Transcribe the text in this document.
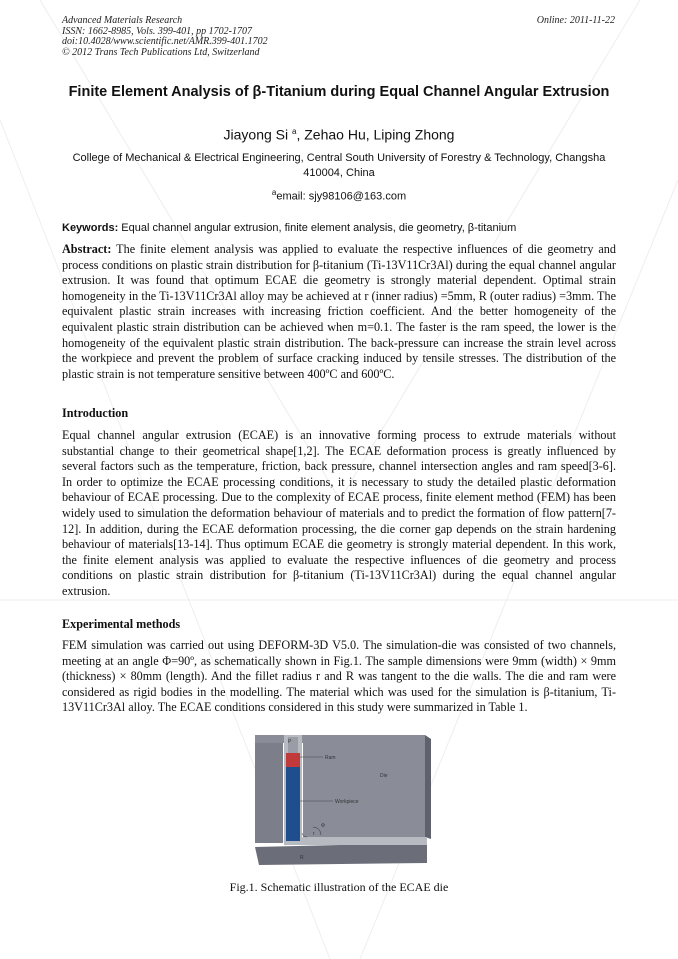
Advanced Materials Research
ISSN: 1662-8985, Vols. 399-401, pp 1702-1707
doi:10.4028/www.scientific.net/AMR.399-401.1702
© 2012 Trans Tech Publications Ltd, Switzerland
Online: 2011-11-22
Finite Element Analysis of β-Titanium during Equal Channel Angular Extrusion
Jiayong Si $^a$, Zehao Hu, Liping Zhong
College of Mechanical & Electrical Engineering, Central South University of Forestry & Technology, Changsha 410004, China
$^a$email: sjy98106@163.com
Keywords: Equal channel angular extrusion, finite element analysis, die geometry, β-titanium
Abstract: The finite element analysis was applied to evaluate the respective influences of die geometry and process conditions on plastic strain distribution for β-titanium (Ti-13V11Cr3Al) during the equal channel angular extrusion. It was found that optimum ECAE die geometry is strongly material dependent. Optimal strain homogeneity in the Ti-13V11Cr3Al alloy may be achieved at r (inner radius) =5mm, R (outer radius) =3mm. The equivalent plastic strain increases with increasing friction coefficient. And the better homogeneity of the equivalent plastic strain distribution can be achieved when m=0.1. The faster is the ram speed, the lower is the homogeneity of the equivalent plastic strain distribution. The back-pressure can increase the strain level across the workpiece and prevent the problem of surface cracking induced by tensile stresses. The distribution of the plastic strain is not temperature sensitive between 400ºC and 600ºC.
Introduction
Equal channel angular extrusion (ECAE) is an innovative forming process to extrude materials without substantial change to their geometrical shape[1,2]. The ECAE deformation process is greatly influenced by several factors such as the temperature, friction, back pressure, channel intersection angles and ram speed[3-6]. In order to optimize the ECAE processing conditions, it is necessary to study the detailed plastic deformation behaviour of ECAE processing. Due to the complexity of ECAE process, finite element method (FEM) has been widely used to simulation the deformation behaviour of materials and to predict the formation of flow pattern[7-12]. In addition, during the ECAE deformation processing, the die corner gap depends on the strain hardening behaviour of materials[13-14]. Thus optimum ECAE die geometry is strongly material dependent. In this work, the finite element analysis was applied to evaluate the respective influences of die geometry and process conditions on plastic strain distribution for β-titanium (Ti-13V11Cr3Al) during the equal channel angular extrusion.
Experimental methods
FEM simulation was carried out using DEFORM-3D V5.0. The simulation-die was consisted of two channels, meeting at an angle Φ=90º, as schematically shown in Fig.1. The sample dimensions were 9mm (width) × 9mm (thickness) × 80mm (length). And the fillet radius r and R was tangent to the die walls. The die and ram were considered as rigid bodies in the modelling. The material which was used for the simulation is β-titanium, Ti-13V11Cr3Al alloy. The ECAE conditions considered in this study were summarized in Table 1.
P
Ram
Die
Workpiece
Φ
r
R
Fig.1. Schematic illustration of the ECAE die
